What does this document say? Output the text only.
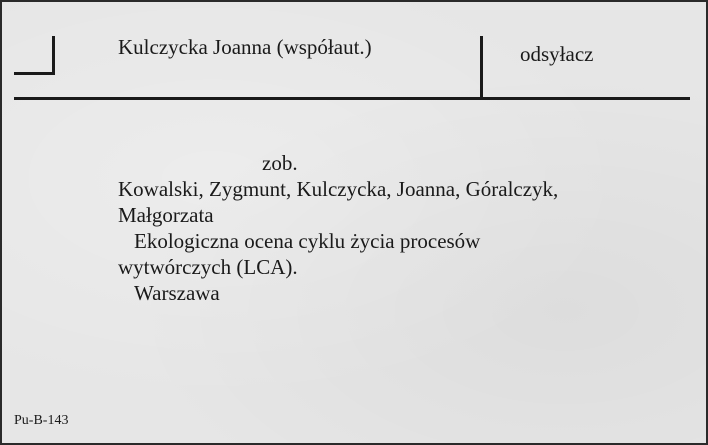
Kulczycka Joanna (współaut.)	odsyłacz
zob.
Kowalski, Zygmunt, Kulczycka, Joanna, Góralczyk,
Małgorzata
Ekologiczna ocena cyklu życia procesów
wytwórczych (LCA).
Warszawa
Pu-B-143
